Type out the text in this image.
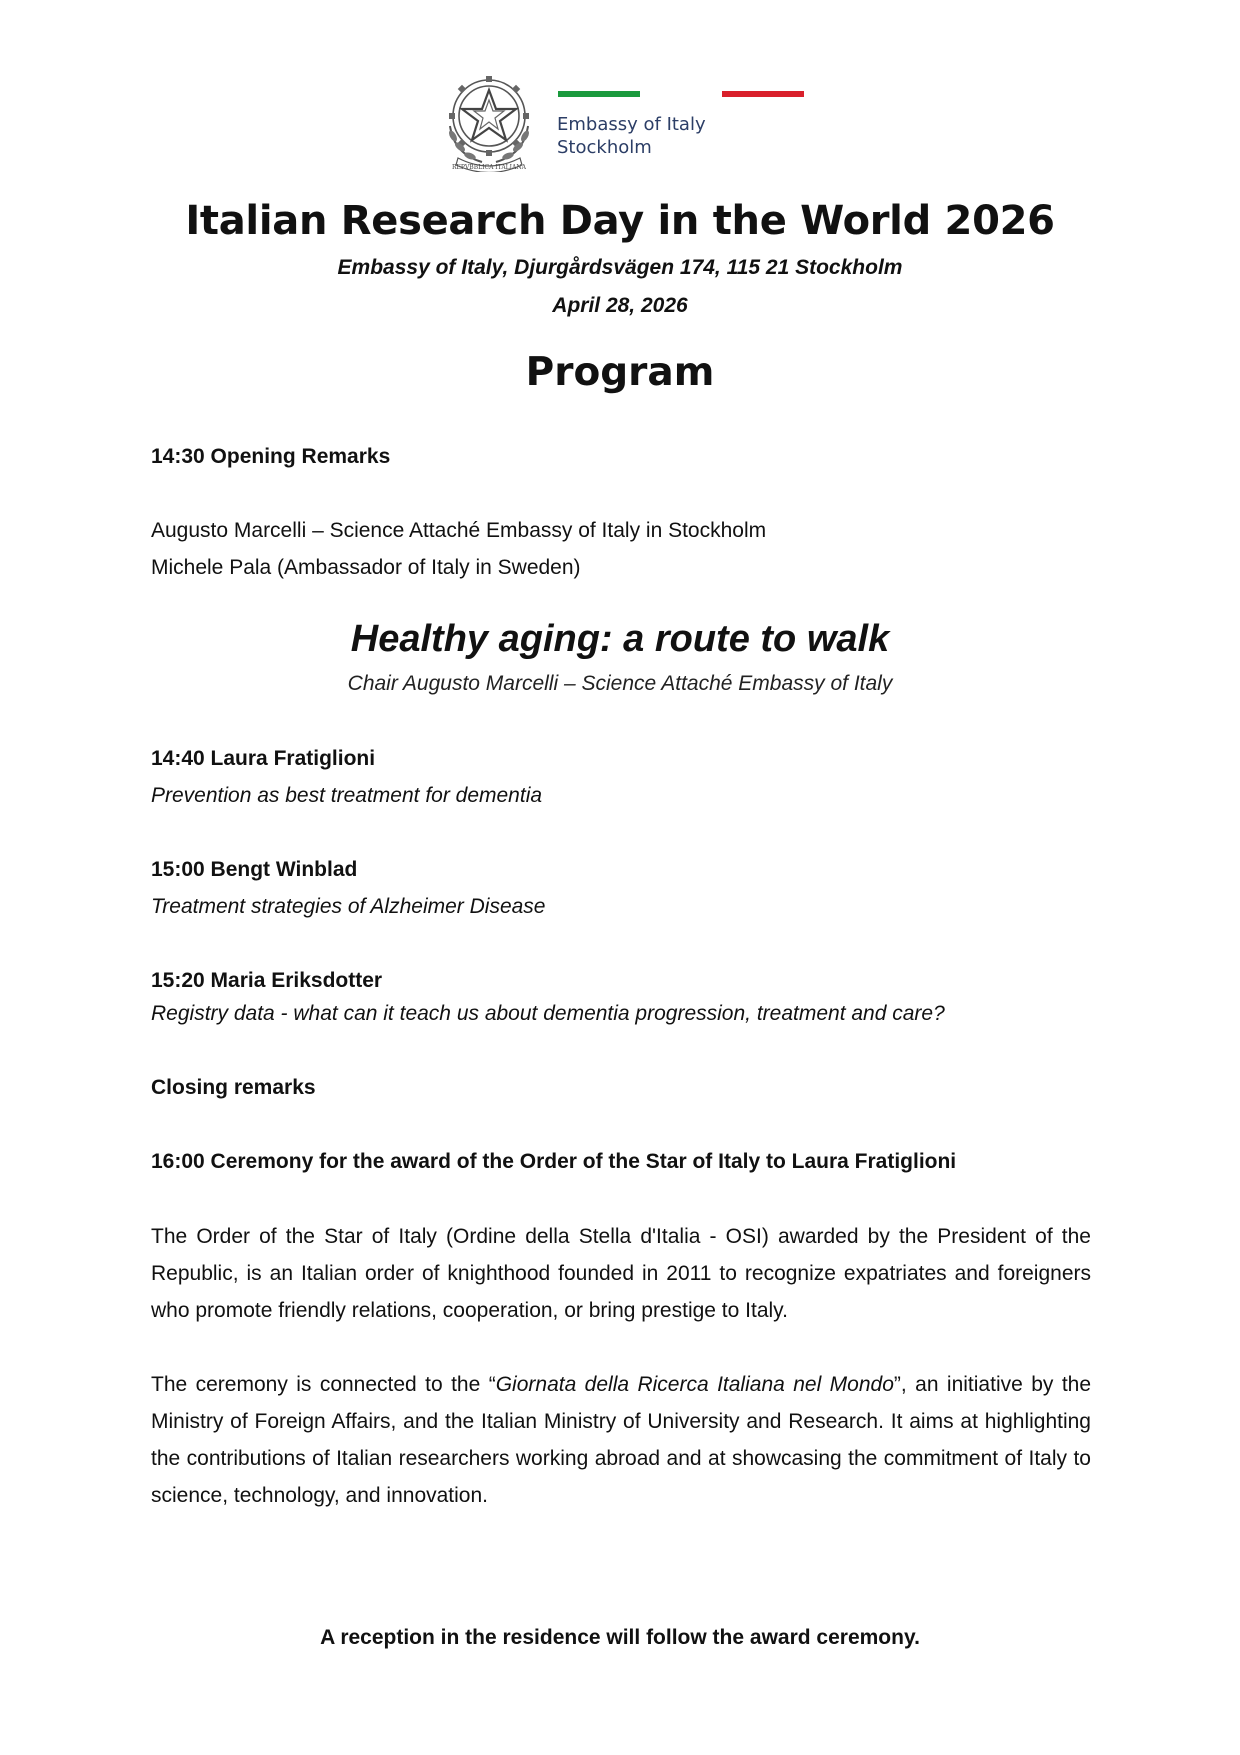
REPVBBLICA ITALIANA
Embassy of Italy
Stockholm
Italian Research Day in the World 2026
Embassy of Italy, Djurgårdsvägen 174, 115 21 Stockholm
April 28, 2026
Program
14:30 Opening Remarks
Augusto Marcelli – Science Attaché Embassy of Italy in Stockholm
Michele Pala (Ambassador of Italy in Sweden)
Healthy aging: a route to walk
Chair Augusto Marcelli – Science Attaché Embassy of Italy
14:40 Laura Fratiglioni
Prevention as best treatment for dementia
15:00 Bengt Winblad
Treatment strategies of Alzheimer Disease
15:20 Maria Eriksdotter
Registry data - what can it teach us about dementia progression, treatment and care?
Closing remarks
16:00 Ceremony for the award of the Order of the Star of Italy to Laura Fratiglioni
The Order of the Star of Italy (Ordine della Stella d'Italia - OSI) awarded by the President of the Republic, is an Italian order of knighthood founded in 2011 to recognize expatriates and foreigners who promote friendly relations, cooperation, or bring prestige to Italy.
The ceremony is connected to the “Giornata della Ricerca Italiana nel Mondo”, an initiative by the Ministry of Foreign Affairs, and the Italian Ministry of University and Research. It aims at highlighting the contributions of Italian researchers working abroad and at showcasing the commitment of Italy to science, technology, and innovation.
A reception in the residence will follow the award ceremony.
